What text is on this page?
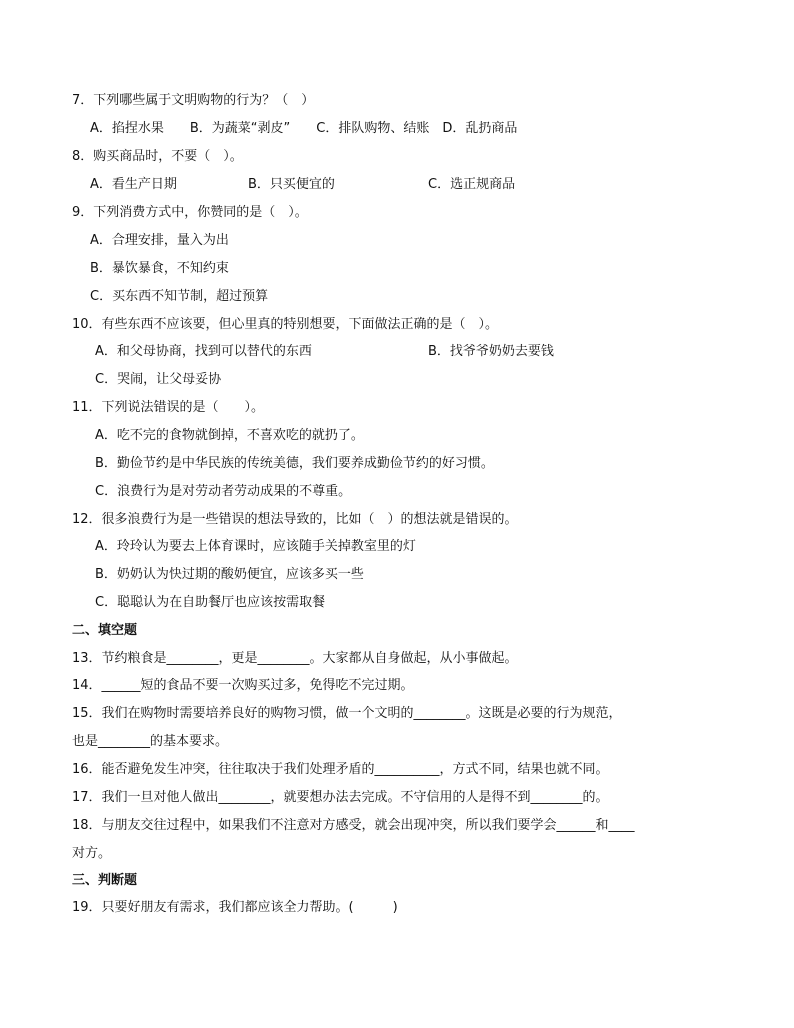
7．下列哪些属于文明购物的行为？（　）
A．掐捏水果　　B．为蔬菜“剥皮”　　C．排队购物、结账　D．乱扔商品
8．购买商品时，不要（　）。
A．看生产日期	B．只买便宜的	C．选正规商品
9．下列消费方式中，你赞同的是（　）。
A．合理安排，量入为出
B．暴饮暴食，不知约束
C．买东西不知节制，超过预算
10．有些东西不应该要，但心里真的特别想要，下面做法正确的是（　）。
A．和父母协商，找到可以替代的东西	B．找爷爷奶奶去要钱
C．哭闹，让父母妥协
11．下列说法错误的是（　　）。
A．吃不完的食物就倒掉，不喜欢吃的就扔了。
B．勤俭节约是中华民族的传统美德，我们要养成勤俭节约的好习惯。
C．浪费行为是对劳动者劳动成果的不尊重。
12．很多浪费行为是一些错误的想法导致的，比如（　）的想法就是错误的。
A．玲玲认为要去上体育课时，应该随手关掉教室里的灯
B．奶奶认为快过期的酸奶便宜，应该多买一些
C．聪聪认为在自助餐厅也应该按需取餐
二、填空题
13．节约粮食是________，更是________。大家都从自身做起，从小事做起。
14．______短的食品不要一次购买过多，免得吃不完过期。
15．我们在购物时需要培养良好的购物习惯，做一个文明的________。这既是必要的行为规范，
也是________的基本要求。
16．能否避免发生冲突，往往取决于我们处理矛盾的__________，方式不同，结果也就不同。
17．我们一旦对他人做出________，就要想办法去完成。不守信用的人是得不到________的。
18．与朋友交往过程中，如果我们不注意对方感受，就会出现冲突，所以我们要学会______和____
对方。
三、判断题
19．只要好朋友有需求，我们都应该全力帮助。(　　　)
